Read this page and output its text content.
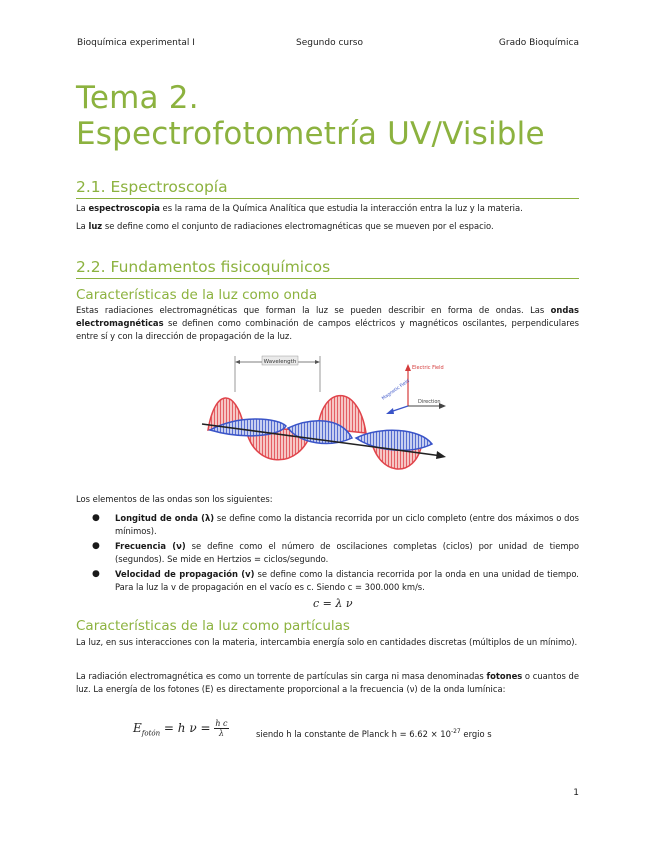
Bioquímica experimental I	Segundo curso	Grado Bioquímica
Tema 2.
Espectrofotometría UV/Visible
2.1. Espectroscopía
La espectroscopia es la rama de la Química Analítica que estudia la interacción entra la luz y la materia.
La luz se define como el conjunto de radiaciones electromagnéticas que se mueven por el espacio.
2.2. Fundamentos fisicoquímicos
Características de la luz como onda
Estas radiaciones electromagnéticas que forman la luz se pueden describir en forma de ondas. Las ondas electromagnéticas se definen como combinación de campos eléctricos y magnéticos oscilantes, perpendiculares entre sí y con la dirección de propagación de la luz.
Wavelength
Electric Field
Magnetic Field
Direction
Los elementos de las ondas son los siguientes:
● Longitud de onda (λ) se define como la distancia recorrida por un ciclo completo (entre dos máximos o dos mínimos).
● Frecuencia (ν) se define como el número de oscilaciones completas (ciclos) por unidad de tiempo (segundos). Se mide en Hertzios = ciclos/segundo.
● Velocidad de propagación (v) se define como la distancia recorrida por la onda en una unidad de tiempo. Para la luz la v de propagación en el vacío es c. Siendo c = 300.000 km/s.
c = λ ν
Características de la luz como partículas
La luz, en sus interacciones con la materia, intercambia energía solo en cantidades discretas (múltiplos de un mínimo).
La radiación electromagnética es como un torrente de partículas sin carga ni masa denominadas fotones o cuantos de luz. La energía de los fotones (E) es directamente proporcional a la frecuencia (ν) de la onda lumínica:
$E_{fotón} = h$ $\nu = \frac{\text{h c}}{\lambda}$	siendo h la constante de Planck $h = 6.62 \times 10^{-27}$ ergio s
1
